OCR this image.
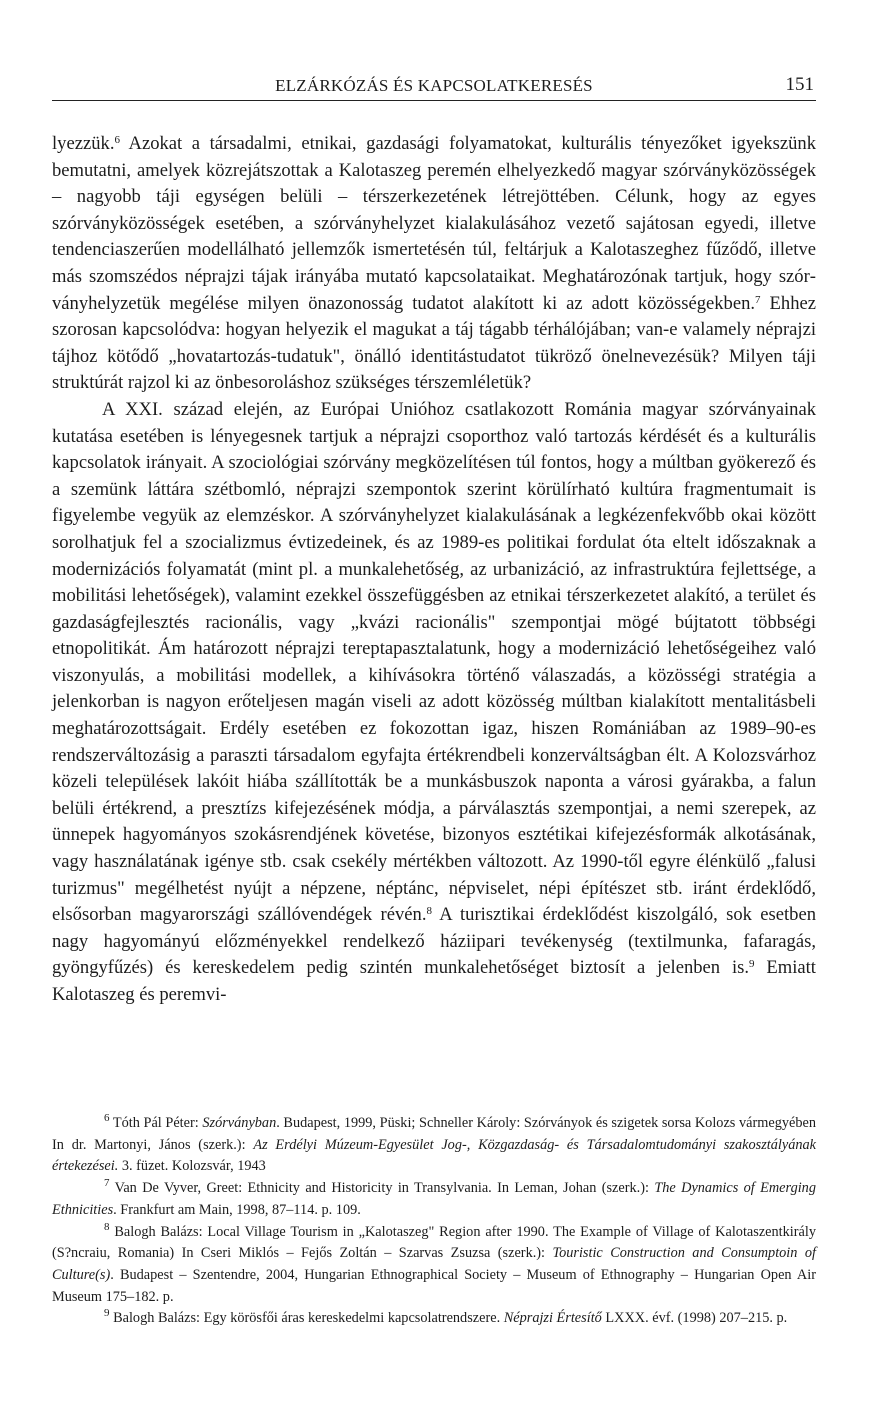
ELZÁRKÓZÁS ÉS KAPCSOLATKERESÉS	151

lyezzük.$^6$ Azokat a társadalmi, etnikai, gazdasági folyamatokat, kulturális tényezőket igyekszünk bemutatni, amelyek közrejátszottak a Kalotaszeg peremén elhelyezkedő magyar szórványközösségek – nagyobb táji egységen belüli – térszerkezetének létrejöttében. Célunk, hogy az egyes szórványközösségek esetében, a szórványhelyzet kialakulásához vezető sajátosan egyedi, illetve tendenciaszerűen modellálható jellemzők ismertetésén túl, feltárjuk a Kalotaszeghez fűződő, illetve más szomszédos néprajzi tájak irányába mutató kapcsolataikat. Meghatározónak tartjuk, hogy szórványhelyzetük megélése milyen önazonosság tudatot alakított ki az adott közösségekben.$^7$ Ehhez szorosan kapcsolódva: hogyan helyezik el magukat a táj tágabb térhálójában; van-e valamely néprajzi tájhoz kötődő „hovatartozás-tudatuk", önálló identitástudatot tükröző önelnevezésük? Milyen táji struktúrát rajzol ki az önbesoroláshoz szükséges térszemléletük?

A XXI. század elején, az Európai Unióhoz csatlakozott Románia magyar szórványainak kutatása esetében is lényegesnek tartjuk a néprajzi csoporthoz való tartozás kérdését és a kulturális kapcsolatok irányait. A szociológiai szórvány megközelítésen túl fontos, hogy a múltban gyökerező és a szemünk láttára szétbomló, néprajzi szempontok szerint körülírható kultúra fragmentumait is figyelembe vegyük az elemzéskor. A szórványhelyzet kialakulásának a legkézenfekvőbb okai között sorolhatjuk fel a szocializmus évtizedeinek, és az 1989-es politikai fordulat óta eltelt időszaknak a modernizációs folyamatát (mint pl. a munkalehetőség, az urbanizáció, az infrastruktúra fejlettsége, a mobilitási lehetőségek), valamint ezekkel összefüggésben az etnikai térszerkezetet alakító, a terület és gazdaságfejlesztés racionális, vagy „kvázi racionális" szempontjai mögé bújtatott többségi etnopolitikát. Ám határozott néprajzi tereptapasztalatunk, hogy a modernizáció lehetőségeihez való viszonyulás, a mobilitási modellek, a kihívásokra történő válaszadás, a közösségi stratégia a jelenkorban is nagyon erőteljesen magán viseli az adott közösség múltban kialakított mentalitásbeli meghatározottságait. Erdély esetében ez fokozottan igaz, hiszen Romániában az 1989–90-es rendszerváltozásig a paraszti társadalom egyfajta értékrendbeli konzerváltságban élt. A Kolozsvárhoz közeli települések lakóit hiába szállították be a munkásbuszok naponta a városi gyárakba, a falun belüli értékrend, a presztízs kifejezésének módja, a párválasztás szempontjai, a nemi szerepek, az ünnepek hagyományos szokásrendjének követése, bizonyos esztétikai kifejezésformák alkotásának, vagy használatának igénye stb. csak csekély mértékben változott. Az 1990-től egyre élénkülő „falusi turizmus" megélhetést nyújt a népzene, néptánc, népviselet, népi építészet stb. iránt érdeklődő, elsősorban magyarországi szállóvendégek révén.$^8$ A turisztikai érdeklődést kiszolgáló, sok esetben nagy hagyományú előzményekkel rendelkező háziipari tevékenység (textilmunka, fafaragás, gyöngyfűzés) és kereskedelem pedig szintén munkalehetőséget biztosít a jelenben is.$^9$ Emiatt Kalotaszeg és peremvi-

$^6$ Tóth Pál Péter: Szórványban. Budapest, 1999, Püski; Schneller Károly: Szórványok és szigetek sorsa Kolozs vármegyében In dr. Martonyi, János (szerk.): Az Erdélyi Múzeum-Egyesület Jog-, Közgazdaság- és Társadalomtudományi szakosztályának értekezései. 3. füzet. Kolozsvár, 1943

$^7$ Van De Vyver, Greet: Ethnicity and Historicity in Transylvania. In Leman, Johan (szerk.): The Dynamics of Emerging Ethnicities. Frankfurt am Main, 1998, 87–114. p. 109.

$^8$ Balogh Balázs: Local Village Tourism in „Kalotaszeg" Region after 1990. The Example of Village of Kalotaszentkirály (S?ncraiu, Romania) In Cseri Miklós – Fejős Zoltán – Szarvas Zsuzsa (szerk.): Touristic Construction and Consumptoin of Culture(s). Budapest – Szentendre, 2004, Hungarian Ethnographical Society – Museum of Ethnography – Hungarian Open Air Museum 175–182. p.

$^9$ Balogh Balázs: Egy körösfői áras kereskedelmi kapcsolatrendszere. Néprajzi Értesítő LXXX. évf. (1998) 207–215. p.
